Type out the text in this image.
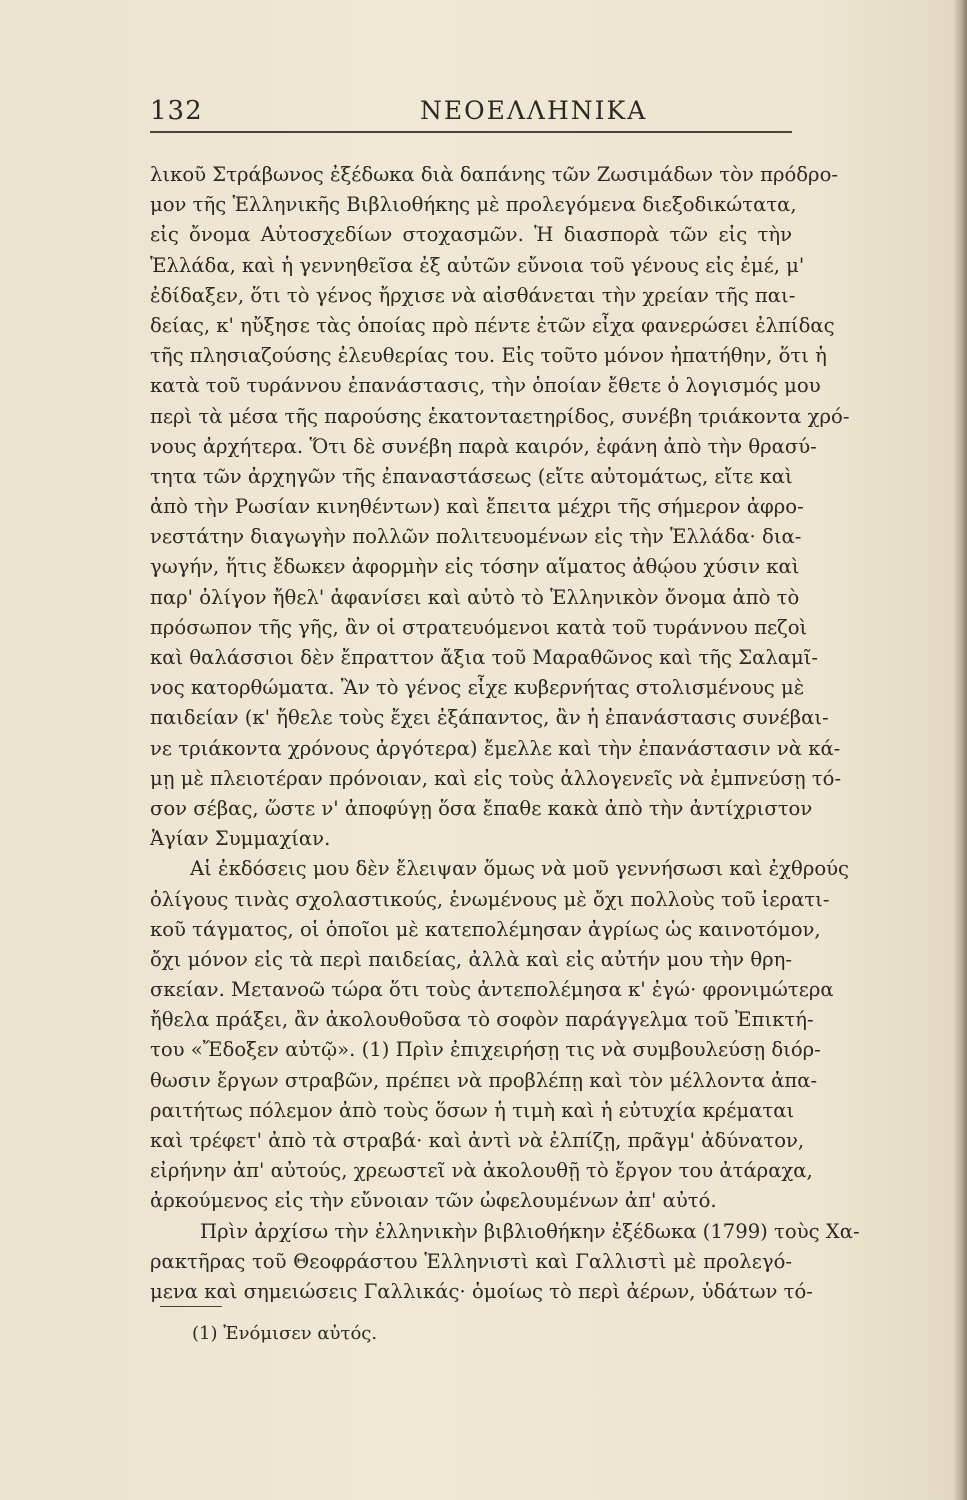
132	ΝΕΟΕΛΛΗΝΙΚΑ
λικοῦ Στράβωνος ἐξέδωκα διὰ δαπάνης τῶν Ζωσιμάδων τὸν πρόδρο-
μον τῆς Ἑλληνικῆς Βιβλιοθήκης μὲ προλεγόμενα διεξοδικώτατα,
εἰς ὄνομα Αὐτοσχεδίων στοχασμῶν. Ἡ διασπορὰ τῶν εἰς τὴν
Ἑλλάδα, καὶ ἡ γεννηθεῖσα ἐξ αὐτῶν εὔνοια τοῦ γένους εἰς ἐμέ, μ'
ἐδίδαξεν, ὅτι τὸ γένος ἤρχισε νὰ αἰσθάνεται τὴν χρείαν τῆς παι-
δείας, κ' ηὔξησε τὰς ὁποίας πρὸ πέντε ἐτῶν εἶχα φανερώσει ἐλπίδας
τῆς πλησιαζούσης ἐλευθερίας του. Εἰς τοῦτο μόνον ἠπατήθην, ὅτι ἡ
κατὰ τοῦ τυράννου ἐπανάστασις, τὴν ὁποίαν ἔθετε ὁ λογισμός μου
περὶ τὰ μέσα τῆς παρούσης ἑκατονταετηρίδος, συνέβη τριάκοντα χρό-
νους ἀρχήτερα. Ὅτι δὲ συνέβη παρὰ καιρόν, ἐφάνη ἀπὸ τὴν θρασύ-
τητα τῶν ἀρχηγῶν τῆς ἐπαναστάσεως (εἴτε αὐτομάτως, εἴτε καὶ
ἀπὸ τὴν Ρωσίαν κινηθέντων) καὶ ἔπειτα μέχρι τῆς σήμερον ἀφρο-
νεστάτην διαγωγὴν πολλῶν πολιτευομένων εἰς τὴν Ἑλλάδα· δια-
γωγήν, ἥτις ἔδωκεν ἀφορμὴν εἰς τόσην αἵματος ἀθῴου χύσιν καὶ
παρ' ὀλίγον ἤθελ' ἀφανίσει καὶ αὐτὸ τὸ Ἑλληνικὸν ὄνομα ἀπὸ τὸ
πρόσωπον τῆς γῆς, ἂν οἱ στρατευόμενοι κατὰ τοῦ τυράννου πεζοὶ
καὶ θαλάσσιοι δὲν ἔπραττον ἄξια τοῦ Μαραθῶνος καὶ τῆς Σαλαμῖ-
νος κατορθώματα. Ἂν τὸ γένος εἶχε κυβερνήτας στολισμένους μὲ
παιδείαν (κ' ἤθελε τοὺς ἔχει ἐξάπαντος, ἂν ἡ ἐπανάστασις συνέβαι-
νε τριάκοντα χρόνους ἀργότερα) ἔμελλε καὶ τὴν ἐπανάστασιν νὰ κά-
μῃ μὲ πλειοτέραν πρόνοιαν, καὶ εἰς τοὺς ἀλλογενεῖς νὰ ἐμπνεύσῃ τό-
σον σέβας, ὥστε ν' ἀποφύγῃ ὅσα ἔπαθε κακὰ ἀπὸ τὴν ἀντίχριστον
Ἁγίαν Συμμαχίαν.
Αἱ ἐκδόσεις μου δὲν ἔλειψαν ὅμως νὰ μοῦ γεννήσωσι καὶ ἐχθρούς
ὀλίγους τινὰς σχολαστικούς, ἑνωμένους μὲ ὄχι πολλοὺς τοῦ ἱερατι-
κοῦ τάγματος, οἱ ὁποῖοι μὲ κατεπολέμησαν ἀγρίως ὡς καινοτόμον,
ὄχι μόνον εἰς τὰ περὶ παιδείας, ἀλλὰ καὶ εἰς αὐτήν μου τὴν θρη-
σκείαν. Μετανοῶ τώρα ὅτι τοὺς ἀντεπολέμησα κ' ἐγώ· φρονιμώτερα
ἤθελα πράξει, ἂν ἀκολουθοῦσα τὸ σοφὸν παράγγελμα τοῦ Ἐπικτή-
του «Ἔδοξεν αὐτῷ». (1) Πρὶν ἐπιχειρήσῃ τις νὰ συμβουλεύσῃ διόρ-
θωσιν ἔργων στραβῶν, πρέπει νὰ προβλέπῃ καὶ τὸν μέλλοντα ἀπα-
ραιτήτως πόλεμον ἀπὸ τοὺς ὅσων ἡ τιμὴ καὶ ἡ εὐτυχία κρέμαται
καὶ τρέφετ' ἀπὸ τὰ στραβά· καὶ ἀντὶ νὰ ἐλπίζῃ, πρᾶγμ' ἀδύνατον,
εἰρήνην ἀπ' αὐτούς, χρεωστεῖ νὰ ἀκολουθῇ τὸ ἔργον του ἀτάραχα,
ἀρκούμενος εἰς τὴν εὔνοιαν τῶν ὠφελουμένων ἀπ' αὐτό.
Πρὶν ἀρχίσω τὴν ἑλληνικὴν βιβλιοθήκην ἐξέδωκα (1799) τοὺς Χα-
ρακτῆρας τοῦ Θεοφράστου Ἑλληνιστὶ καὶ Γαλλιστὶ μὲ προλεγό-
μενα καὶ σημειώσεις Γαλλικάς· ὁμοίως τὸ περὶ ἀέρων, ὑδάτων τό-
(1) Ἐνόμισεν αὐτός.
